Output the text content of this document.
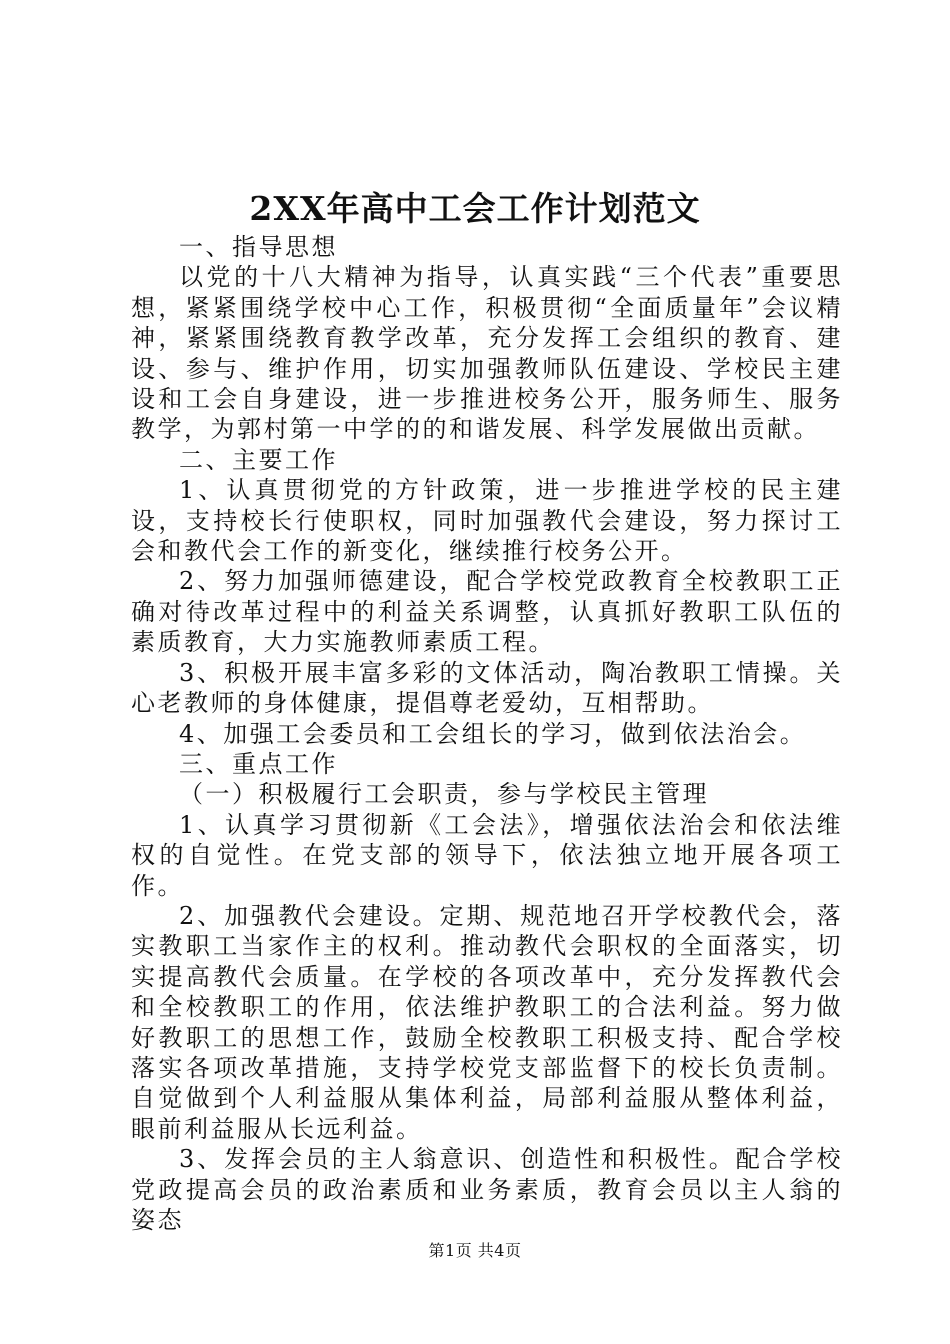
2XX年高中工会工作计划范文

一、指导思想

以党的十八大精神为指导，认真实践“三个代表”重要思想，紧紧围绕学校中心工作，积极贯彻“全面质量年”会议精神，紧紧围绕教育教学改革，充分发挥工会组织的教育、建设、参与、维护作用，切实加强教师队伍建设、学校民主建设和工会自身建设，进一步推进校务公开，服务师生、服务教学，为郭村第一中学的的和谐发展、科学发展做出贡献。

二、主要工作

1、认真贯彻党的方针政策，进一步推进学校的民主建设，支持校长行使职权，同时加强教代会建设，努力探讨工会和教代会工作的新变化，继续推行校务公开。

2、努力加强师德建设，配合学校党政教育全校教职工正确对待改革过程中的利益关系调整，认真抓好教职工队伍的素质教育，大力实施教师素质工程。

3、积极开展丰富多彩的文体活动，陶冶教职工情操。关心老教师的身体健康，提倡尊老爱幼，互相帮助。

4、加强工会委员和工会组长的学习，做到依法治会。

三、重点工作

（一）积极履行工会职责，参与学校民主管理

1、认真学习贯彻新《工会法》，增强依法治会和依法维权的自觉性。在党支部的领导下，依法独立地开展各项工作。

2、加强教代会建设。定期、规范地召开学校教代会，落实教职工当家作主的权利。推动教代会职权的全面落实，切实提高教代会质量。在学校的各项改革中，充分发挥教代会和全校教职工的作用，依法维护教职工的合法利益。努力做好教职工的思想工作，鼓励全校教职工积极支持、配合学校落实各项改革措施，支持学校党支部监督下的校长负责制。自觉做到个人利益服从集体利益，局部利益服从整体利益，眼前利益服从长远利益。

3、发挥会员的主人翁意识、创造性和积极性。配合学校党政提高会员的政治素质和业务素质，教育会员以主人翁的姿态

第1页 共4页
